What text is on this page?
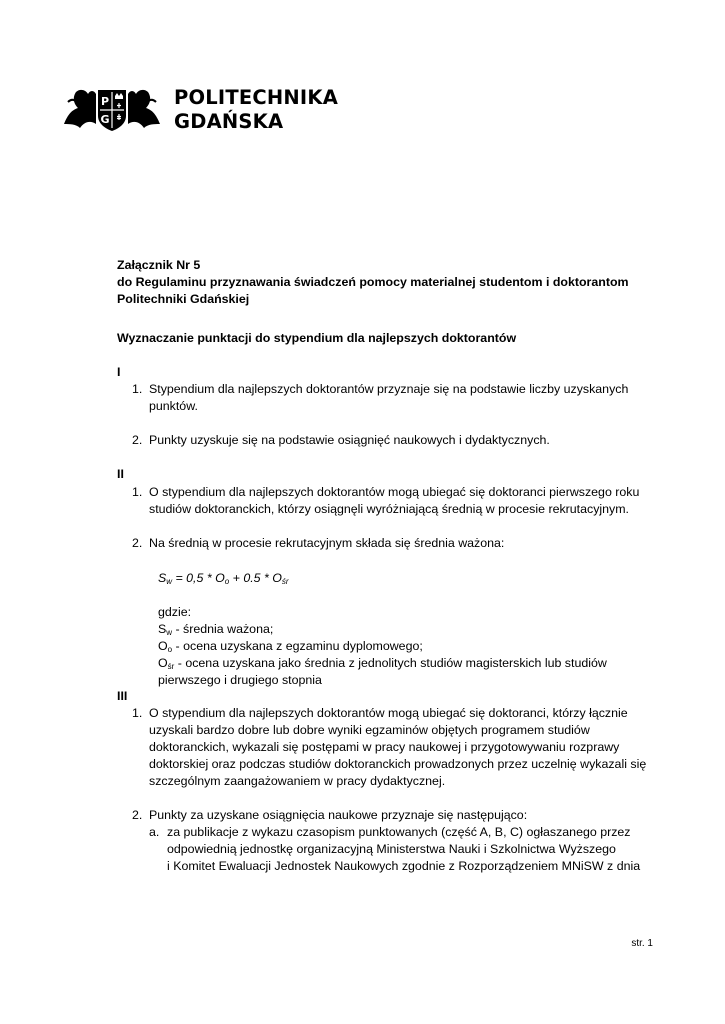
P
G
POLITECHNIKA
GDAŃSKA
Załącznik Nr 5
do Regulaminu przyznawania świadczeń pomocy materialnej studentom i doktorantom
Politechniki Gdańskiej
Wyznaczanie punktacji do stypendium dla najlepszych doktorantów
I
1. Stypendium dla najlepszych doktorantów przyznaje się na podstawie liczby uzyskanych
punktów.
2. Punkty uzyskuje się na podstawie osiągnięć naukowych i dydaktycznych.
II
1. O stypendium dla najlepszych doktorantów mogą ubiegać się doktoranci pierwszego roku
studiów doktoranckich, którzy osiągnęli wyróżniającą średnią w procesie rekrutacyjnym.
2. Na średnią w procesie rekrutacyjnym składa się średnia ważona:
$S_w = 0,5 * O_o + 0.5 * O_{śr}$
gdzie:
$S_w$ - średnia ważona;
$O_o$ - ocena uzyskana z egzaminu dyplomowego;
$O_{śr}$ - ocena uzyskana jako średnia z jednolitych studiów magisterskich lub studiów
pierwszego i drugiego stopnia
III
1. O stypendium dla najlepszych doktorantów mogą ubiegać się doktoranci, którzy łącznie
uzyskali bardzo dobre lub dobre wyniki egzaminów objętych programem studiów
doktoranckich, wykazali się postępami w pracy naukowej i przygotowywaniu rozprawy
doktorskiej oraz podczas studiów doktoranckich prowadzonych przez uczelnię wykazali się
szczególnym zaangażowaniem w pracy dydaktycznej.
2. Punkty za uzyskane osiągnięcia naukowe przyznaje się następująco:
a. za publikacje z wykazu czasopism punktowanych (część A, B, C) ogłaszanego przez
odpowiednią jednostkę organizacyjną Ministerstwa Nauki i Szkolnictwa Wyższego
i Komitet Ewaluacji Jednostek Naukowych zgodnie z Rozporządzeniem MNiSW z dnia
str. 1
